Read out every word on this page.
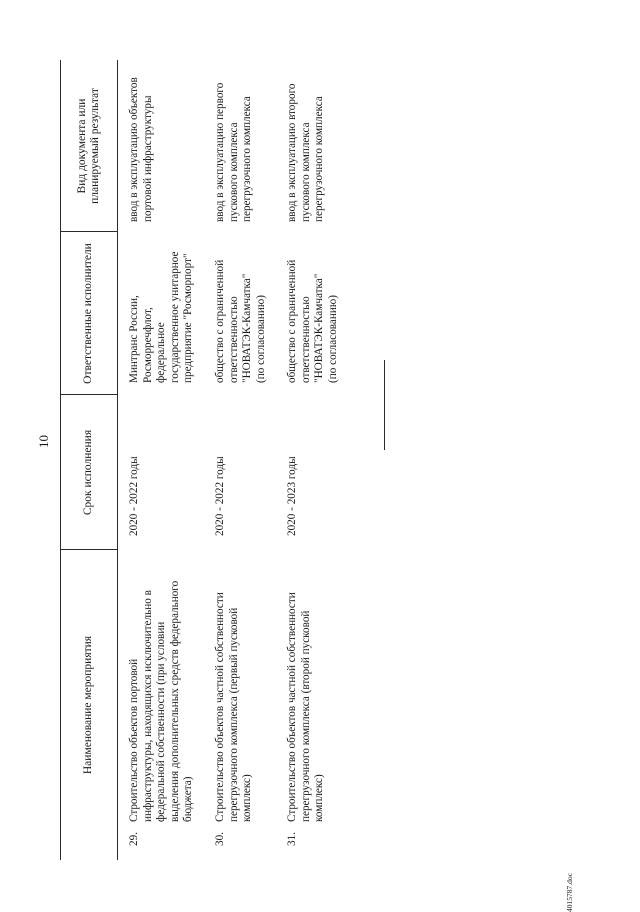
10
Наименование мероприятия
Срок исполнения
Ответственные исполнители
Вид документа или
планируемый результат
29.
Строительство объектов портовой
инфраструктуры, находящихся исключительно в
федеральной собственности (при условии
выделения дополнительных средств федерального
бюджета)
2020 - 2022 годы
Минтранс России,
Росморречфлот,
федеральное
государственное унитарное
предприятие "Росморпорт"
ввод в эксплуатацию объектов
портовой инфраструктуры
30.
Строительство объектов частной собственности
перегрузочного комплекса (первый пусковой
комплекс)
2020 - 2022 годы
общество с ограниченной
ответственностью
"НОВАТЭК-Камчатка"
(по согласованию)
ввод в эксплуатацию первого
пускового комплекса
перегрузочного комплекса
31.
Строительство объектов частной собственности
перегрузочного комплекса (второй пусковой
комплекс)
2020 - 2023 годы
общество с ограниченной
ответственностью
"НОВАТЭК-Камчатка"
(по согласованию)
ввод в эксплуатацию второго
пускового комплекса
перегрузочного комплекса
4015787.doc
